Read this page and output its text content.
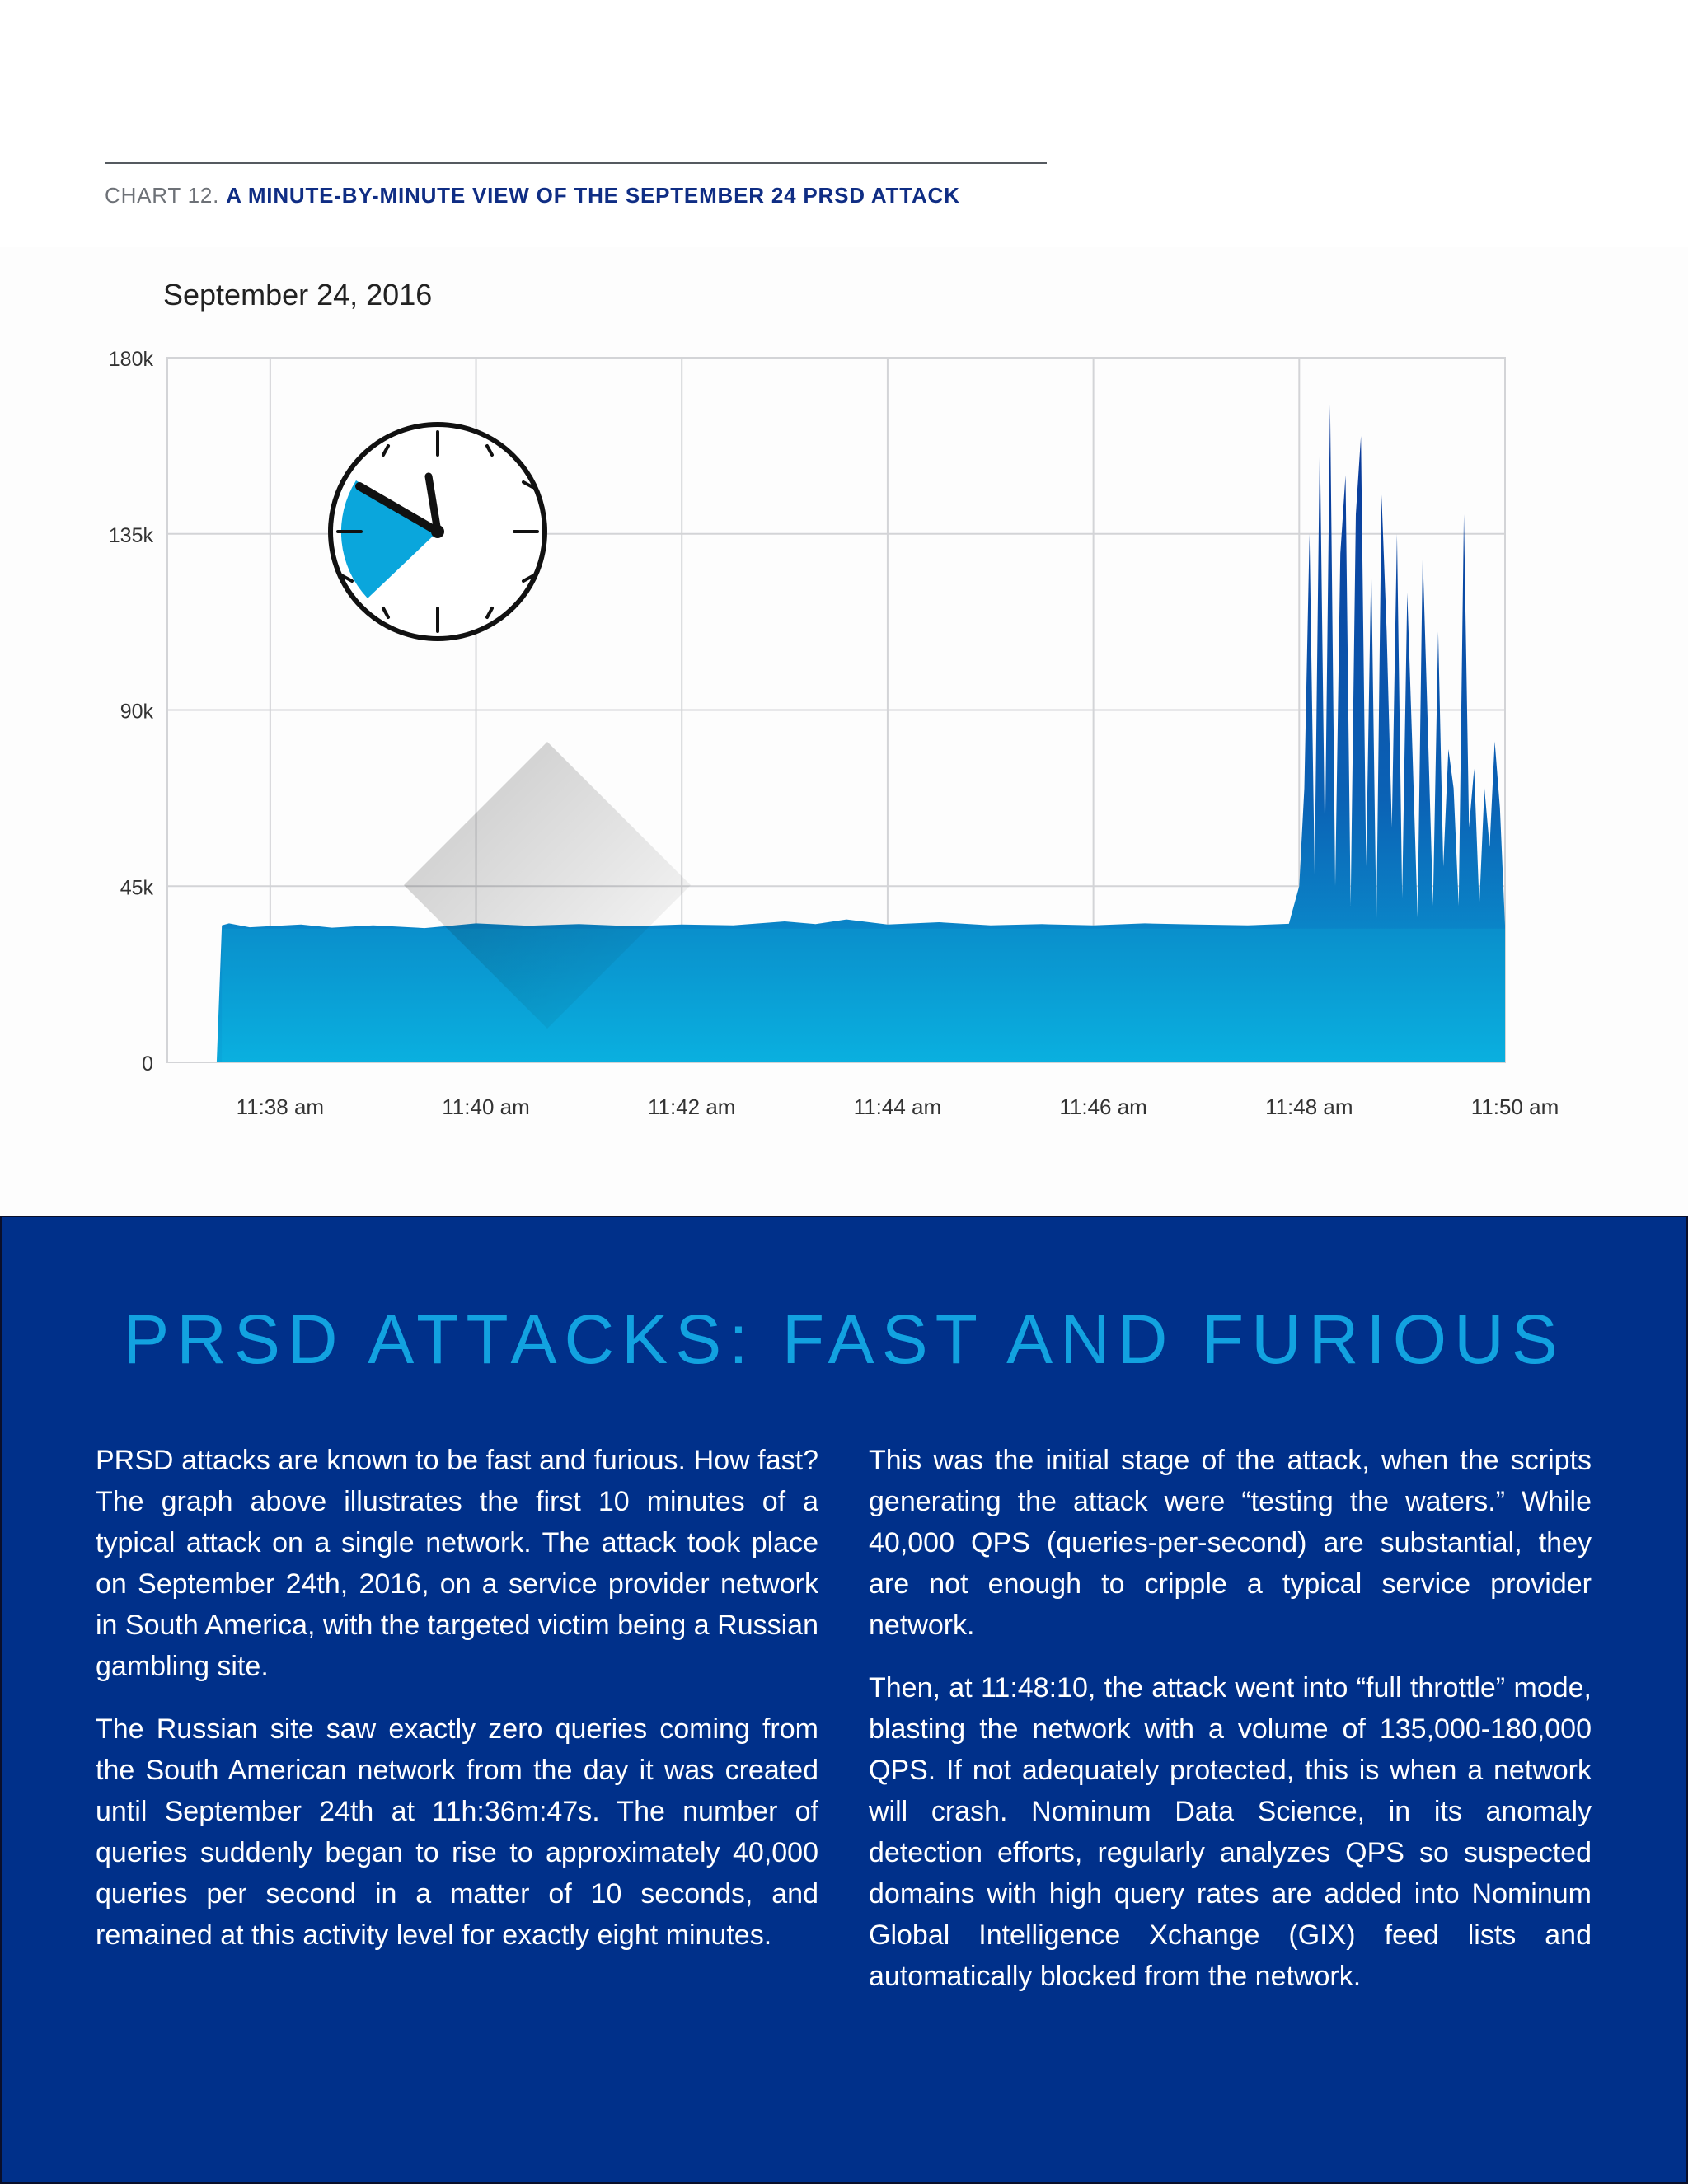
CHART 12. A MINUTE-BY-MINUTE VIEW OF THE SEPTEMBER 24 PRSD ATTACK
September 24, 2016
0
45k
90k
135k
180k
11:38 am	11:40 am	11:42 am	11:44 am	11:46 am	11:48 am	11:50 am
PRSD ATTACKS: FAST AND FURIOUS

PRSD attacks are known to be fast and furious. How fast? The graph above illustrates the first 10 minutes of a typical attack on a single network. The attack took place on September 24th, 2016, on a service provider network in South America, with the targeted victim being a Russian gambling site.

The Russian site saw exactly zero queries coming from the South American network from the day it was created until September 24th at 11h:36m:47s. The number of queries suddenly began to rise to approximately 40,000 queries per second in a matter of 10 seconds, and remained at this activity level for exactly eight minutes.

This was the initial stage of the attack, when the scripts generating the attack were “testing the waters.” While 40,000 QPS (queries-per-second) are substantial, they are not enough to cripple a typical service provider network.

Then, at 11:48:10, the attack went into “full throttle” mode, blasting the network with a volume of 135,000-180,000 QPS. If not adequately protected, this is when a network will crash. Nominum Data Science, in its anomaly detection efforts, regularly analyzes QPS so suspected domains with high query rates are added into Nominum Global Intelligence Xchange (GIX) feed lists and automatically blocked from the network.
